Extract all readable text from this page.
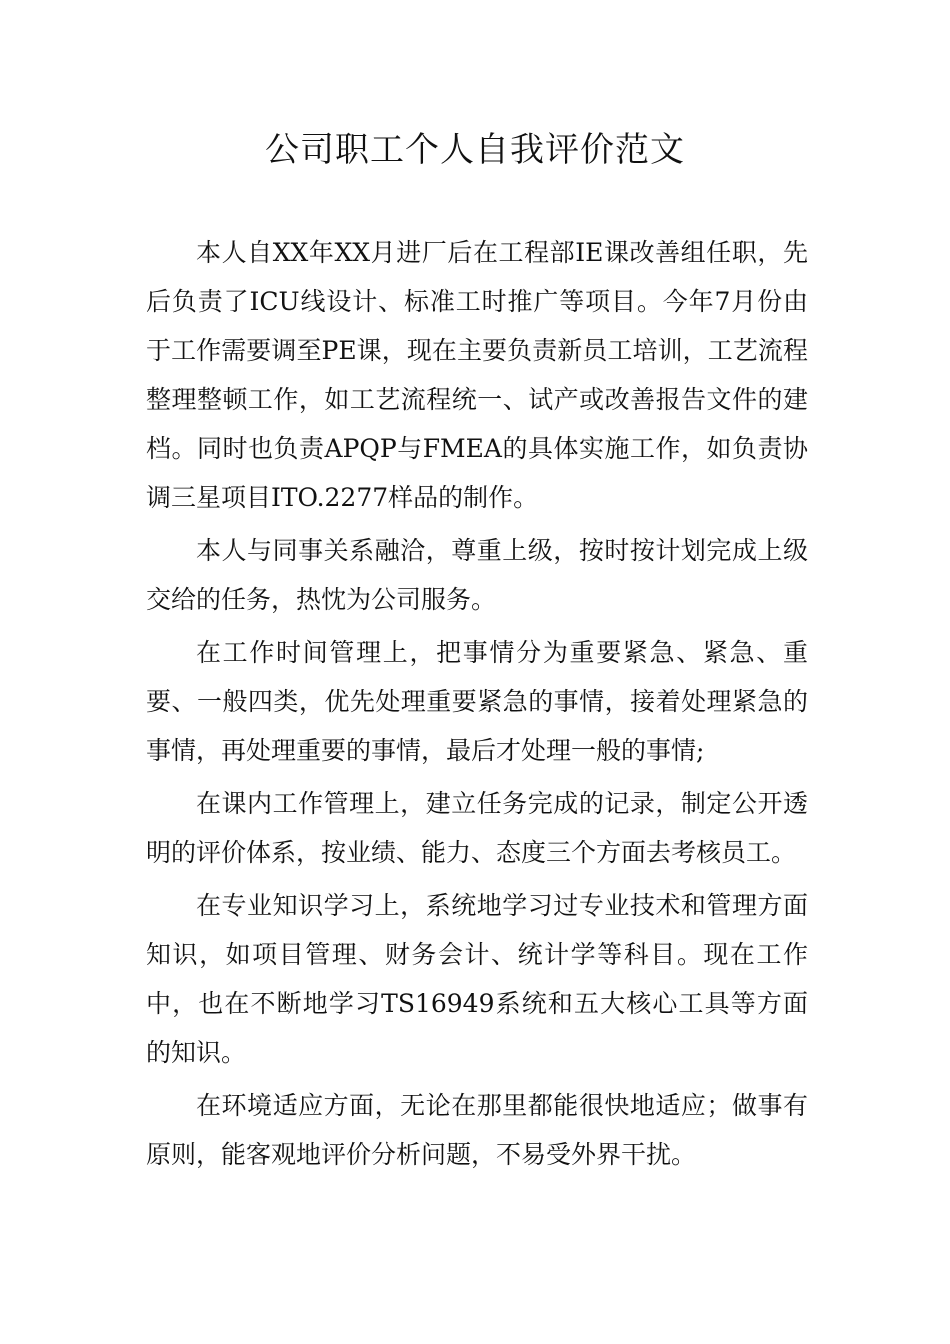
公司职工个人自我评价范文

本人自XX年XX月进厂后在工程部IE课改善组任职，先后负责了ICU线设计、标准工时推广等项目。今年7月份由于工作需要调至PE课，现在主要负责新员工培训，工艺流程整理整顿工作，如工艺流程统一、试产或改善报告文件的建档。同时也负责APQP与FMEA的具体实施工作，如负责协调三星项目ITO.2277样品的制作。

本人与同事关系融洽，尊重上级，按时按计划完成上级交给的任务，热忱为公司服务。

在工作时间管理上，把事情分为重要紧急、紧急、重要、一般四类，优先处理重要紧急的事情，接着处理紧急的事情，再处理重要的事情，最后才处理一般的事情;

在课内工作管理上，建立任务完成的记录，制定公开透明的评价体系，按业绩、能力、态度三个方面去考核员工。

在专业知识学习上，系统地学习过专业技术和管理方面知识，如项目管理、财务会计、统计学等科目。现在工作中，也在不断地学习TS16949系统和五大核心工具等方面的知识。

在环境适应方面，无论在那里都能很快地适应；做事有原则，能客观地评价分析问题，不易受外界干扰。
